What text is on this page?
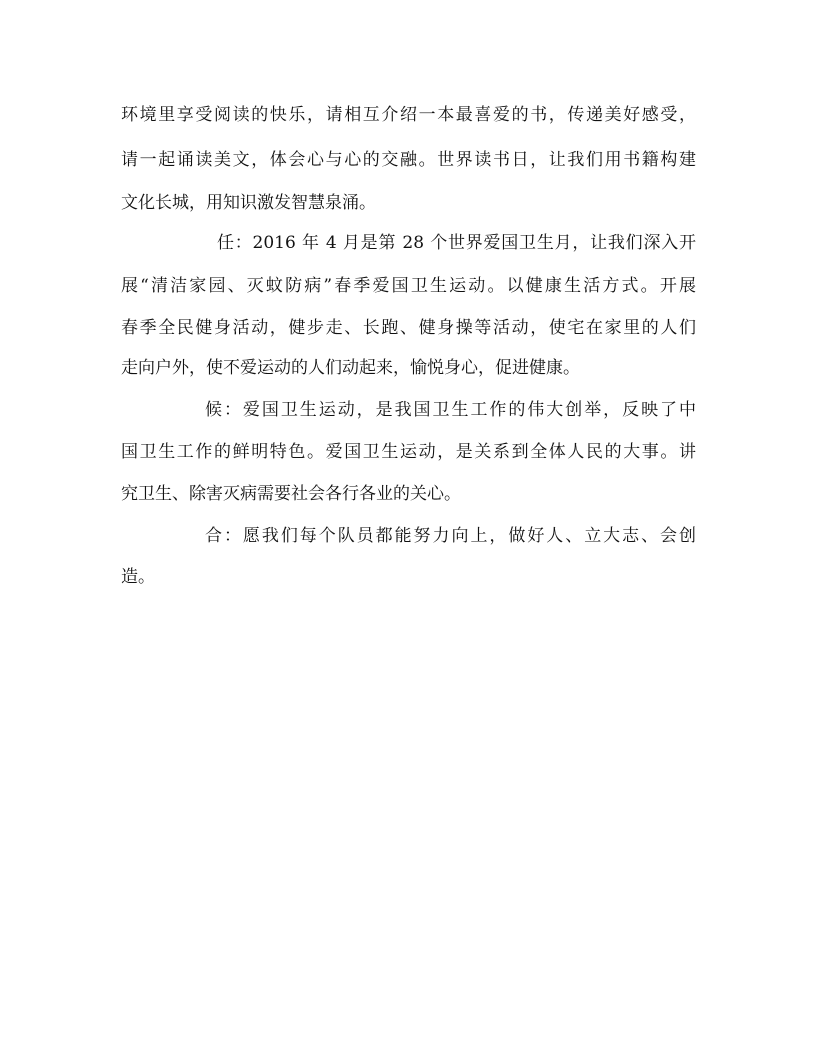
环境里享受阅读的快乐，请相互介绍一本最喜爱的书，传递美好感受，
请一起诵读美文，体会心与心的交融。世界读书日，让我们用书籍构建
文化长城，用知识激发智慧泉涌。
任：2016 年 4 月是第 28 个世界爱国卫生月，让我们深入开
展“清洁家园、灭蚊防病”春季爱国卫生运动。以健康生活方式。开展
春季全民健身活动，健步走、长跑、健身操等活动，使宅在家里的人们
走向户外，使不爱运动的人们动起来，愉悦身心，促进健康。
候：爱国卫生运动，是我国卫生工作的伟大创举，反映了中
国卫生工作的鲜明特色。爱国卫生运动，是关系到全体人民的大事。讲
究卫生、除害灭病需要社会各行各业的关心。
合：愿我们每个队员都能努力向上，做好人、立大志、会创
造。
